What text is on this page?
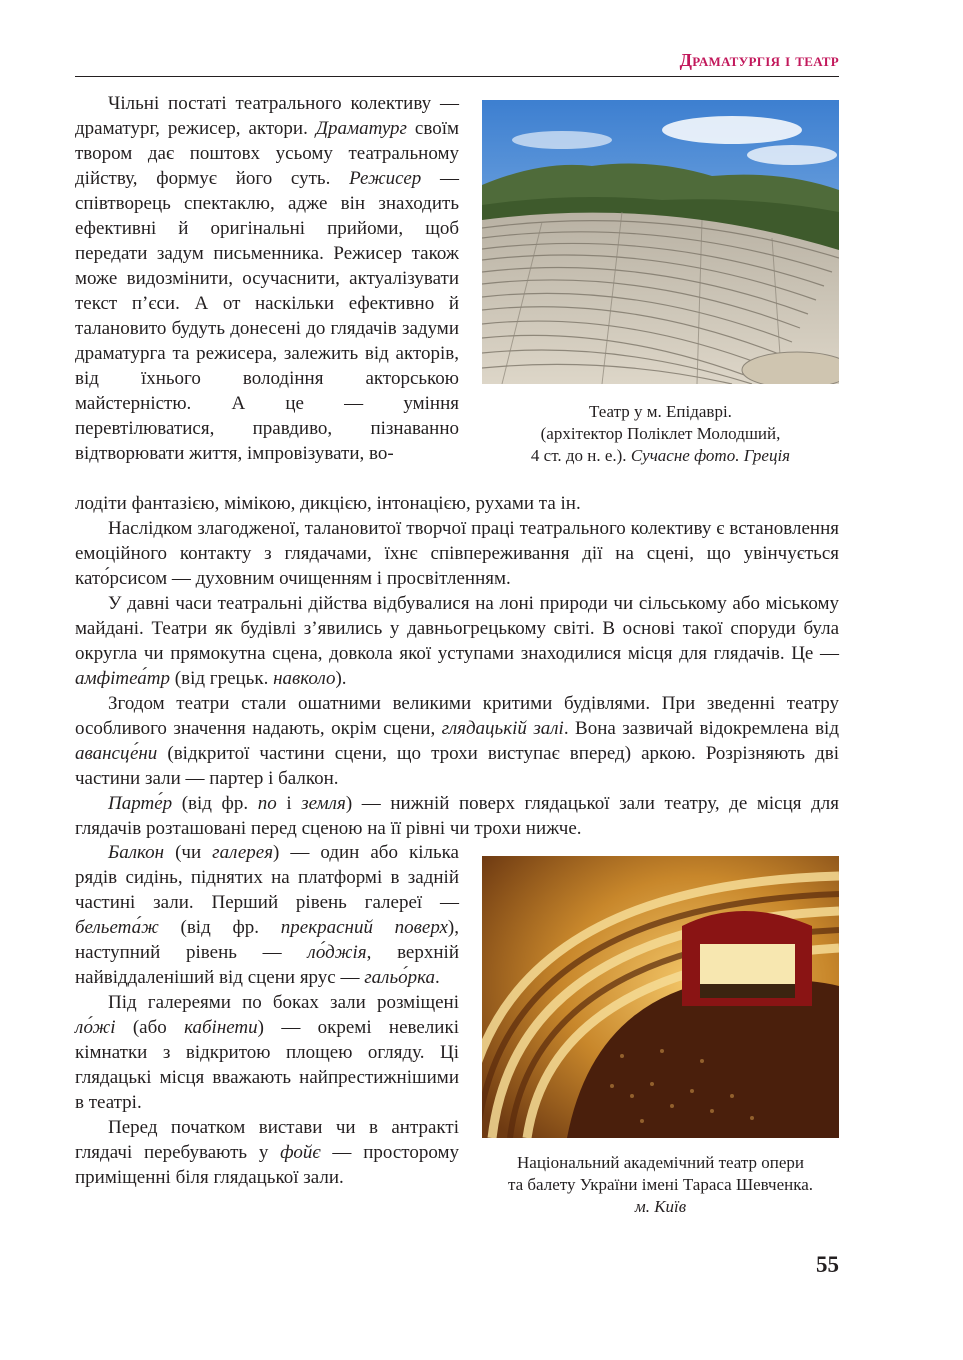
Драматургія і театр

Чільні постаті театрального колективу — драматург, режисер, актори. Драматург своїм твором дає поштовх усьому театральному дійству, формує його суть. Режисер — співтворець спектаклю, адже він знаходить ефективні й оригінальні прийоми, щоб передати задум письменника. Режисер також може видозмінити, осучаснити, актуалізувати текст п’єси. А от наскільки ефективно й талановито будуть донесені до глядачів задуми драматурга та режисера, залежить від акторів, від їхнього володіння акторською майстерністю. А це — уміння перевтілюватися, правдиво, пізнаванно відтворювати життя, імпровізувати, во-

Театр у м. Епідаврі.
(архітектор Поліклет Молодший,
4 ст. до н. е.). Сучасне фото. Греція

лодіти фантазією, мімікою, дикцією, інтонацією, рухами та ін.

Наслідком злагодженої, талановитої творчої праці театрального колективу є встановлення емоційного контакту з глядачами, їхнє співпереживання дії на сцені, що увінчується като́рсисом — духовним очищенням і просвітленням.

У давні часи театральні дійства відбувалися на лоні природи чи сільському або міському майдані. Театри як будівлі з’явились у давньогрецькому світі. В основі такої споруди була округла чи прямокутна сцена, довкола якої уступами знаходилися місця для глядачів. Це — амфітеа́тр (від грецьк. навколо).

Згодом театри стали ошатними великими критими будівлями. При зведенні театру особливого значення надають, окрім сцени, глядацькій залі. Вона зазвичай відокремлена від авансце́ни (відкритої частини сцени, що трохи виступає вперед) аркою. Розрізняють дві частини зали — партер і балкон.

Парте́р (від фр. по і земля) — нижній поверх глядацької зали театру, де місця для глядачів розташовані перед сценою на її рівні чи трохи нижче.

Балкон (чи галерея) — один або кілька рядів сидінь, піднятих на платформі в задній частині зали. Перший рівень галереї — бельета́ж (від фр. прекрасний поверх), наступний рівень — ло́джія, верхній найвіддаленіший від сцени ярус — гальо́рка.

Під галереями по боках зали розміщені ло́жі (або кабінети) — окремі невеликі кімнатки з відкритою площею огляду. Ці глядацькі місця вважають найпрестижнішими в театрі.

Перед початком вистави чи в антракті глядачі перебувають у фойє — просторому приміщенні біля глядацької зали.

Національний академічний театр опери
та балету України імені Тараса Шевченка.
м. Київ
55
